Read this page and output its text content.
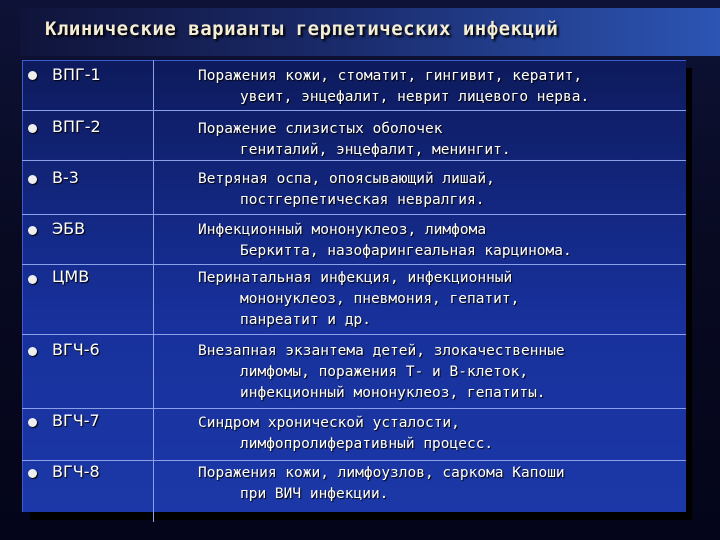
Клинические варианты герпетических инфекций
ВПГ-1	Поражения кожи, стоматит, гингивит, кератит,
увеит, энцефалит, неврит лицевого нерва.
ВПГ-2	Поражение слизистых оболочек
гениталий, энцефалит, менингит.
В-3	Ветряная оспа, опоясывающий лишай,
постгерпетическая невралгия.
ЭБВ	Инфекционный мононуклеоз, лимфома
Беркитта, назофарингеальная карцинома.
ЦМВ	Перинатальная инфекция, инфекционный
мононуклеоз, пневмония, гепатит,
панреатит и др.
ВГЧ-6	Внезапная экзантема детей, злокачественные
лимфомы, поражения Т- и В-клеток,
инфекционный мононуклеоз, гепатиты.
ВГЧ-7	Синдром хронической усталости,
лимфопролиферативный процесс.
ВГЧ-8	Поражения кожи, лимфоузлов, саркома Капоши
при ВИЧ инфекции.
